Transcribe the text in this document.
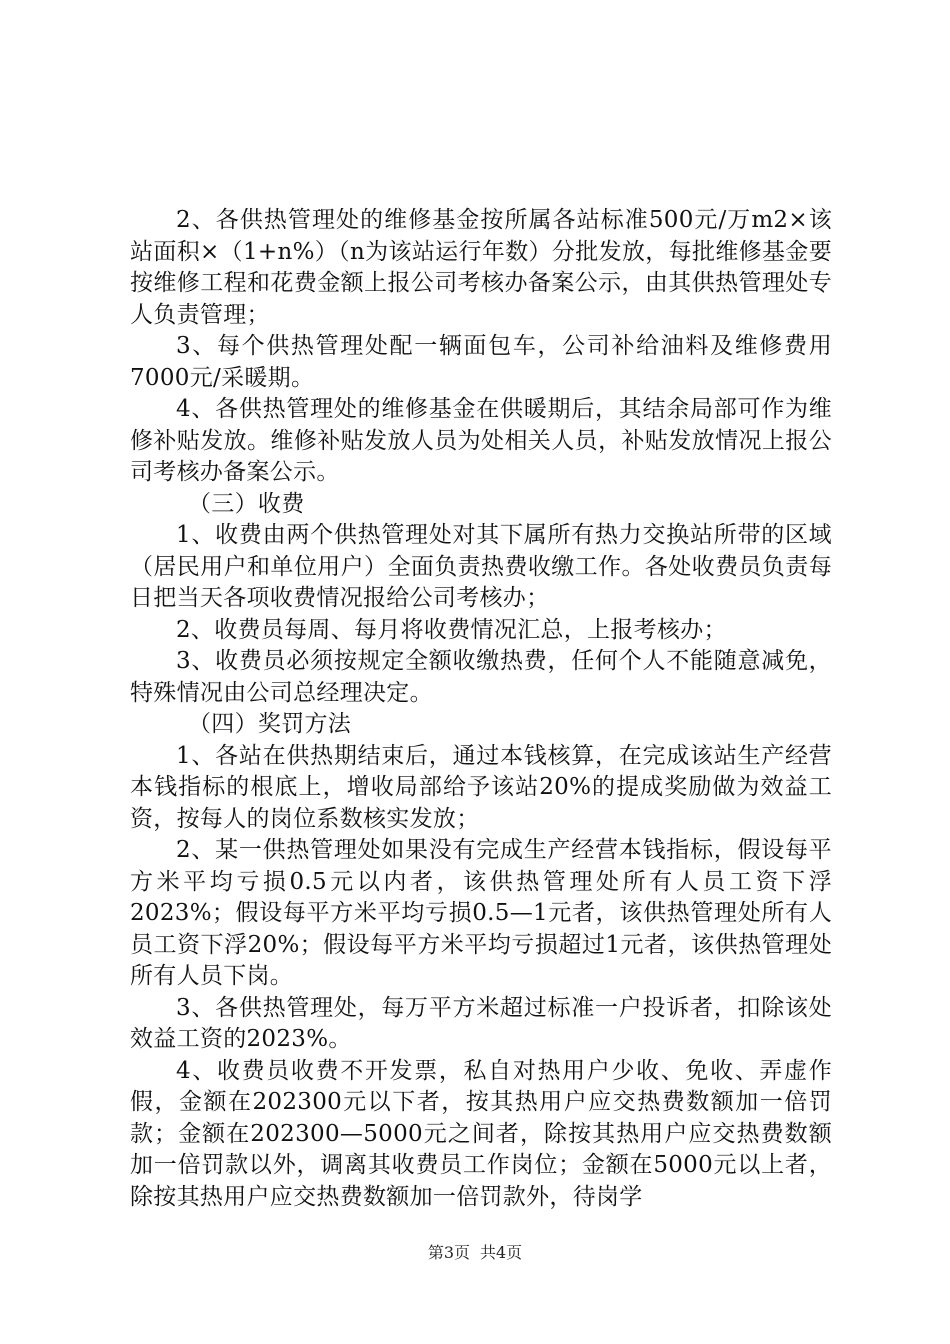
2、各供热管理处的维修基金按所属各站标准500元/万m2×该站面积×（1+n%）（n为该站运行年数）分批发放，每批维修基金要按维修工程和花费金额上报公司考核办备案公示，由其供热管理处专人负责管理；

3、每个供热管理处配一辆面包车，公司补给油料及维修费用7000元/采暖期。

4、各供热管理处的维修基金在供暖期后，其结余局部可作为维修补贴发放。维修补贴发放人员为处相关人员，补贴发放情况上报公司考核办备案公示。

（三）收费

1、收费由两个供热管理处对其下属所有热力交换站所带的区域（居民用户和单位用户）全面负责热费收缴工作。各处收费员负责每日把当天各项收费情况报给公司考核办；

2、收费员每周、每月将收费情况汇总，上报考核办；

3、收费员必须按规定全额收缴热费，任何个人不能随意减免，特殊情况由公司总经理决定。

（四）奖罚方法

1、各站在供热期结束后，通过本钱核算，在完成该站生产经营本钱指标的根底上，增收局部给予该站20%的提成奖励做为效益工资，按每人的岗位系数核实发放；

2、某一供热管理处如果没有完成生产经营本钱指标，假设每平方米平均亏损0.5元以内者，该供热管理处所有人员工资下浮2023%；假设每平方米平均亏损0.5—1元者，该供热管理处所有人员工资下浮20%；假设每平方米平均亏损超过1元者，该供热管理处所有人员下岗。

3、各供热管理处，每万平方米超过标准一户投诉者，扣除该处效益工资的2023%。

4、收费员收费不开发票，私自对热用户少收、免收、弄虚作假，金额在202300元以下者，按其热用户应交热费数额加一倍罚款；金额在202300—5000元之间者，除按其热用户应交热费数额加一倍罚款以外，调离其收费员工作岗位；金额在5000元以上者，除按其热用户应交热费数额加一倍罚款外，待岗学

第3页 共4页
